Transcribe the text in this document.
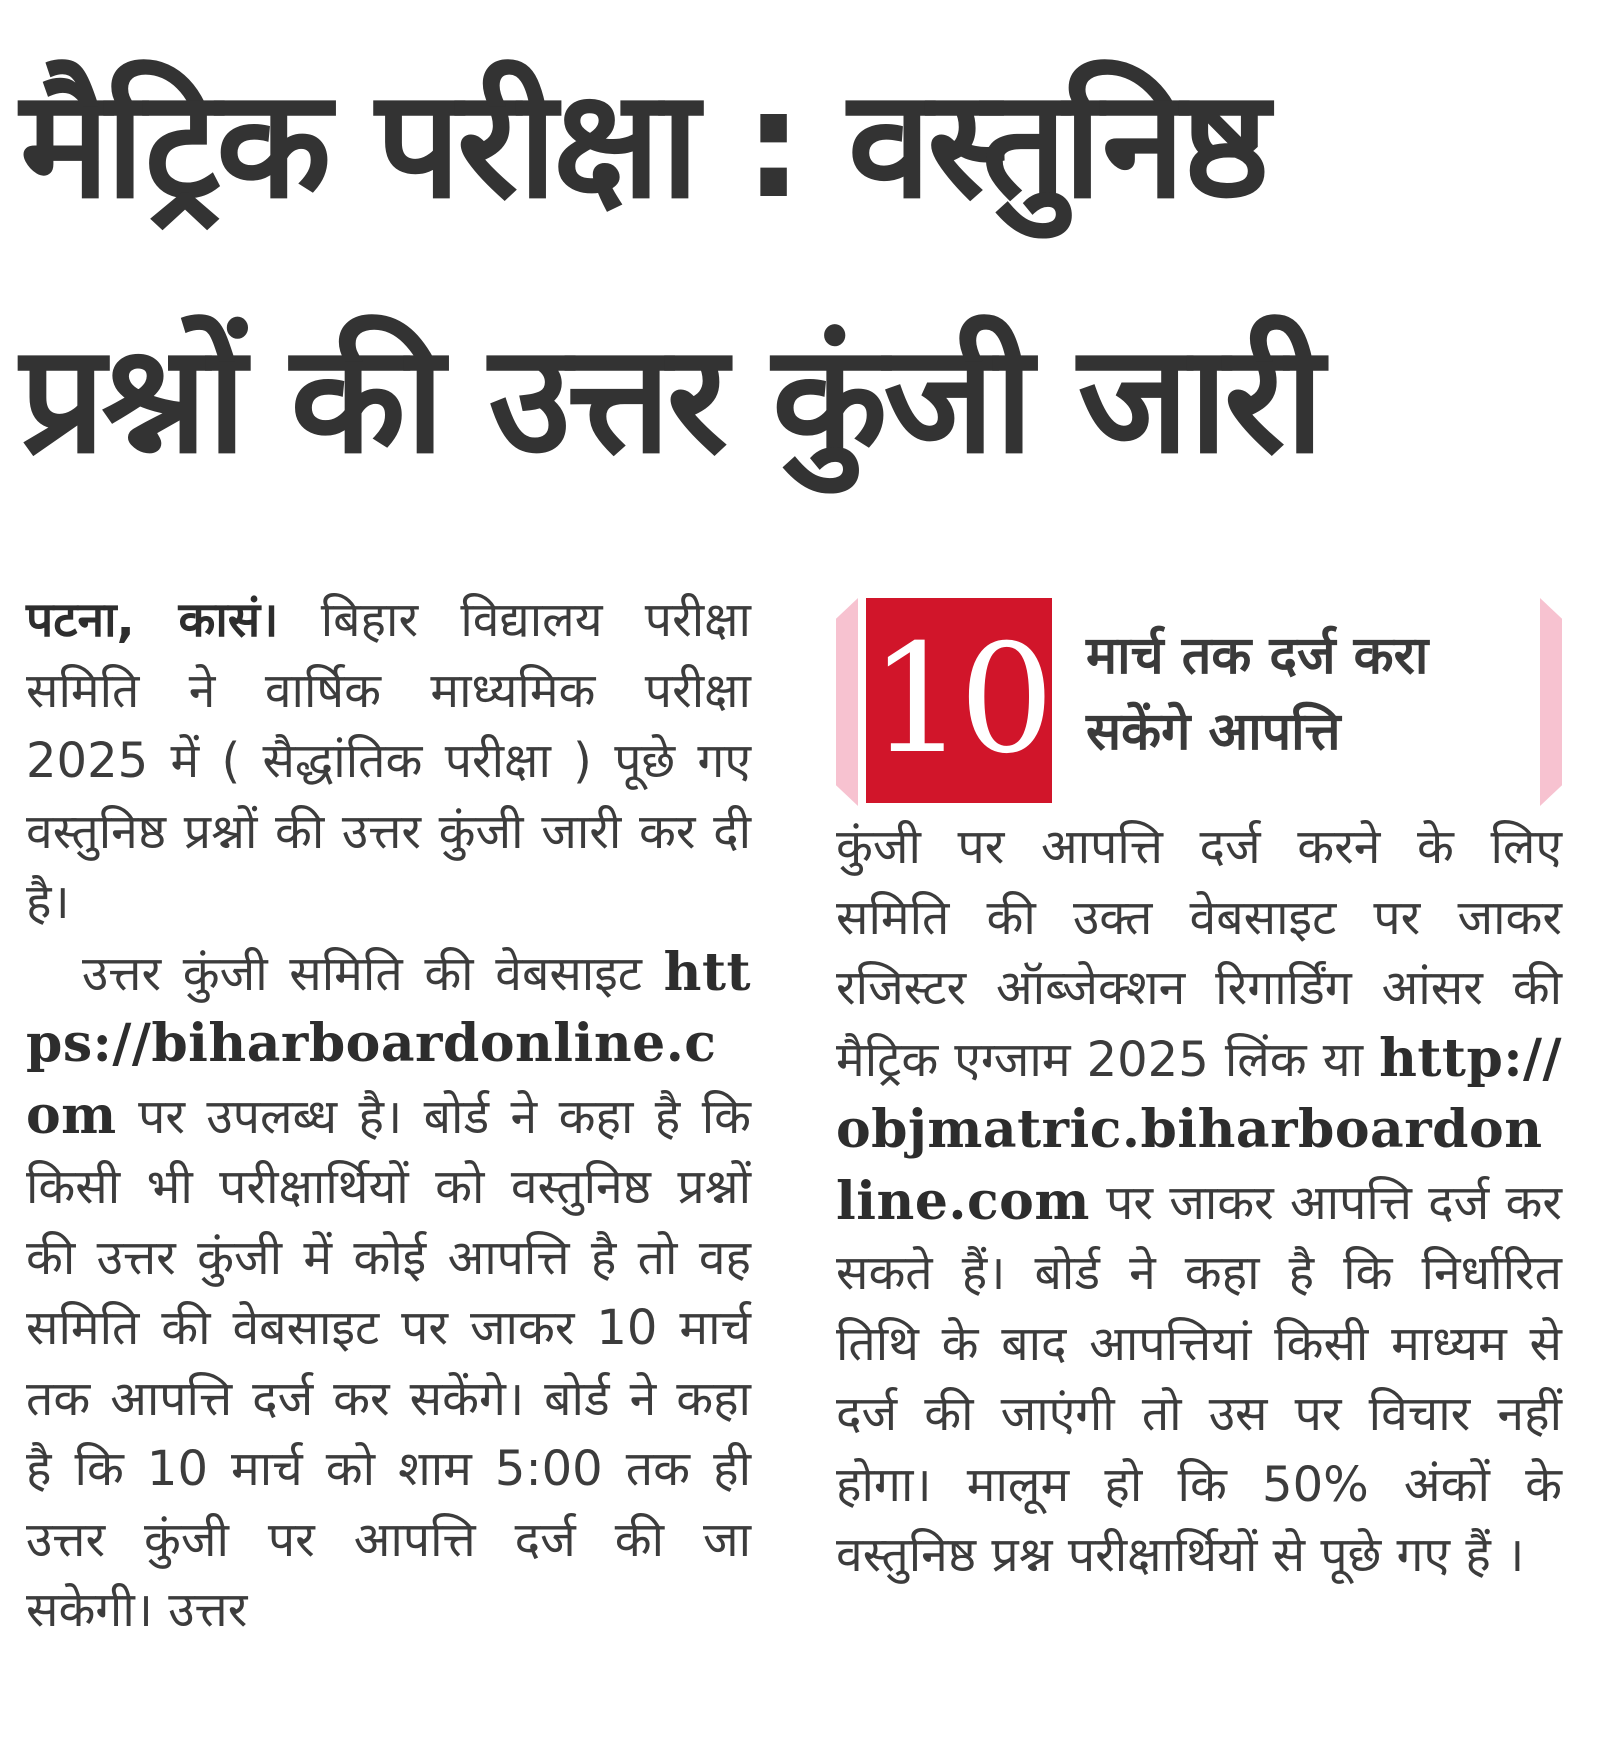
मैट्रिक परीक्षा : वस्तुनिष्ठ
प्रश्नों की उत्तर कुंजी जारी

पटना, कासं। बिहार विद्यालय परीक्षा समिति ने वार्षिक माध्यमिक परीक्षा 2025 में ( सैद्धांतिक परीक्षा ) पूछे गए वस्तुनिष्ठ प्रश्नों की उत्तर कुंजी जारी कर दी है।

उत्तर कुंजी समिति की वेबसाइट https://biharboardonline.com पर उपलब्ध है। बोर्ड ने कहा है कि किसी भी परीक्षार्थियों को वस्तुनिष्ठ प्रश्नों की उत्तर कुंजी में कोई आपत्ति है तो वह समिति की वेबसाइट पर जाकर 10 मार्च तक आपत्ति दर्ज कर सकेंगे। बोर्ड ने कहा है कि 10 मार्च को शाम 5:00 तक ही उत्तर कुंजी पर आपत्ति दर्ज की जा सकेगी। उत्तर

10 मार्च तक दर्ज करा
सकेंगे आपत्ति

कुंजी पर आपत्ति दर्ज करने के लिए समिति की उक्त वेबसाइट पर जाकर रजिस्टर ऑब्जेक्शन रिगार्डिंग आंसर की मैट्रिक एग्जाम 2025 लिंक या http://objmatric.biharboardonline.com पर जाकर आपत्ति दर्ज कर सकते हैं। बोर्ड ने कहा है कि निर्धारित तिथि के बाद आपत्तियां किसी माध्यम से दर्ज की जाएंगी तो उस पर विचार नहीं होगा। मालूम हो कि 50% अंकों के वस्तुनिष्ठ प्रश्न परीक्षार्थियों से पूछे गए हैं ।
